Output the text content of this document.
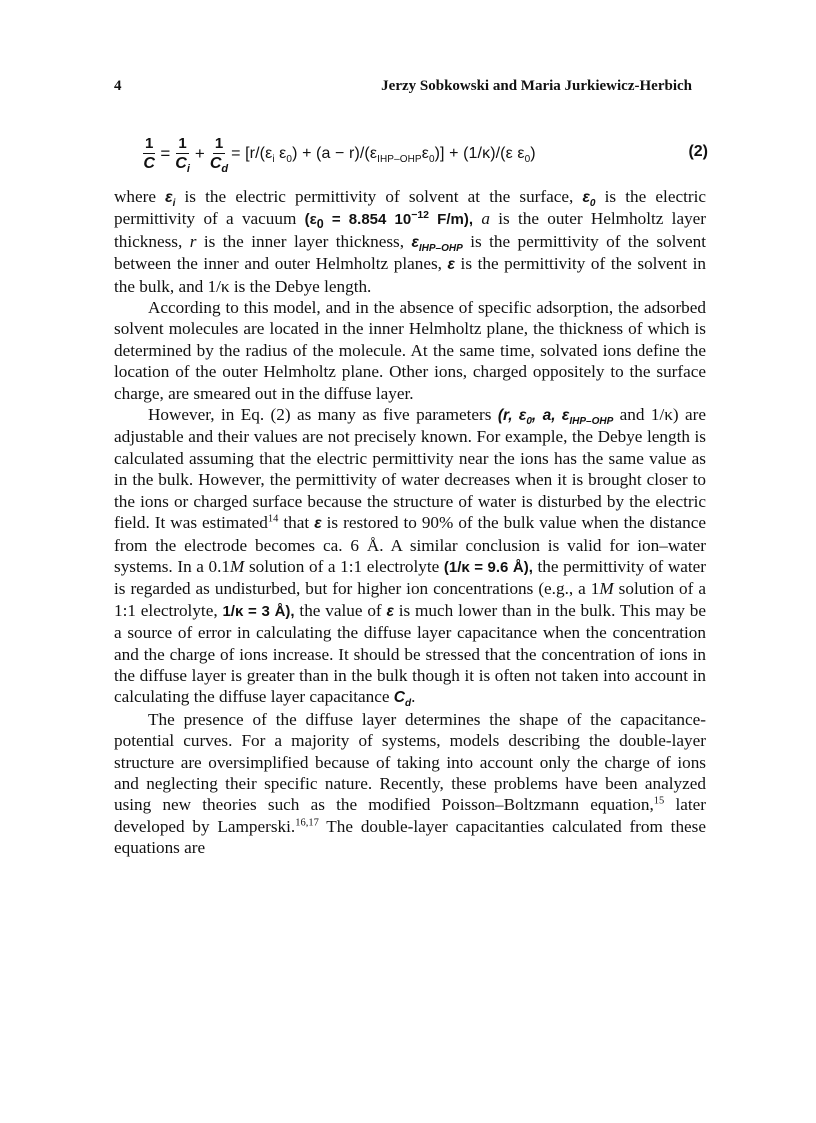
4	Jerzy Sobkowski and Maria Jurkiewicz-Herbich
$\frac{1}{C} = \frac{1}{C_i} + \frac{1}{C_d} = [r/(\varepsilon_i$ $\varepsilon_0) + (a - r)/(\varepsilon_{IHP-OHP}\varepsilon_0)] + (1/\kappa)/(\varepsilon$ $\varepsilon_0$)	(2)

where $\varepsilon_i$ is the electric permittivity of solvent at the surface, $\varepsilon_0$ is the electric permittivity of a vacuum ($\varepsilon_0 = 8.854$ $10^{-12}$ F/m), a is the outer Helmholtz layer thickness, r is the inner layer thickness, $\varepsilon_{IHP-OHP}$ is the permittivity of the solvent between the inner and outer Helmholtz planes, ε is the permittivity of the solvent in the bulk, and 1/κ is the Debye length.

According to this model, and in the absence of specific adsorption, the adsorbed solvent molecules are located in the inner Helmholtz plane, the thickness of which is determined by the radius of the molecule. At the same time, solvated ions define the location of the outer Helmholtz plane. Other ions, charged oppositely to the surface charge, are smeared out in the diffuse layer.

However, in Eq. (2) as many as five parameters (r, $\varepsilon_0$, a, $\varepsilon_{IHP-OHP}$ and 1/κ) are adjustable and their values are not precisely known. For example, the Debye length is calculated assuming that the electric permittivity near the ions has the same value as in the bulk. However, the permittivity of water decreases when it is brought closer to the ions or charged surface because the structure of water is disturbed by the electric field. It was estimated$^{14}$ that ε is restored to 90% of the bulk value when the distance from the electrode becomes ca. 6 Å. A similar conclusion is valid for ion–water systems. In a 0.1M solution of a 1:1 electrolyte (1/κ = 9.6 Å), the permittivity of water is regarded as undisturbed, but for higher ion concentrations (e.g., a 1M solution of a 1:1 electrolyte, 1/κ = 3 Å), the value of ε is much lower than in the bulk. This may be a source of error in calculating the diffuse layer capacitance when the concentration and the charge of ions increase. It should be stressed that the concentration of ions in the diffuse layer is greater than in the bulk though it is often not taken into account in calculating the diffuse layer capacitance $C_d$.

The presence of the diffuse layer determines the shape of the capacitance-potential curves. For a majority of systems, models describing the double-layer structure are oversimplified because of taking into account only the charge of ions and neglecting their specific nature. Recently, these problems have been analyzed using new theories such as the modified Poisson–Boltzmann equation,$^{15}$ later developed by Lamperski.$^{16,17}$ The double-layer capacitanties calculated from these equations are
